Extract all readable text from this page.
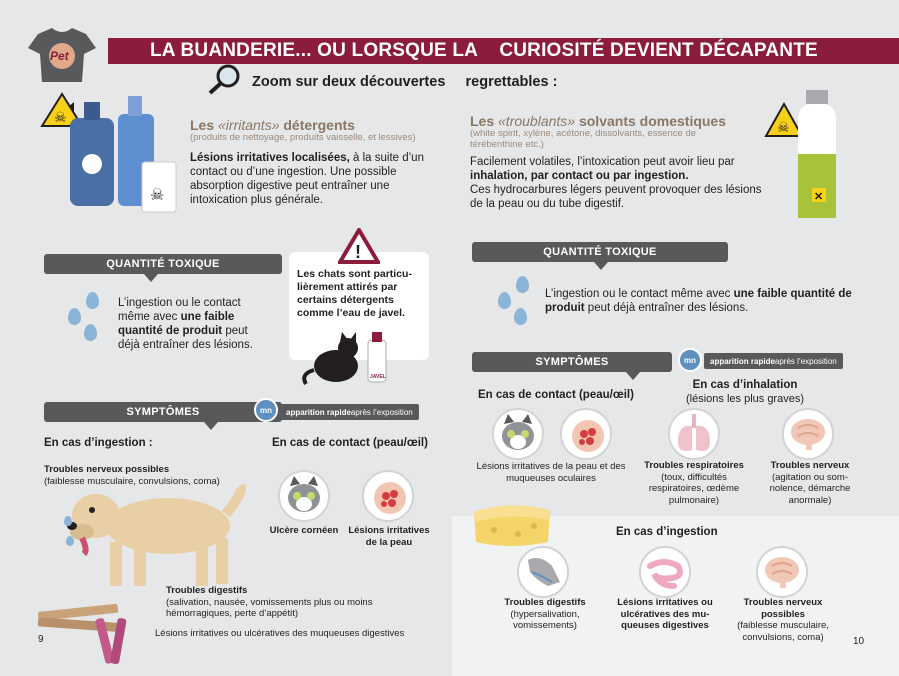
LA BUANDERIE... OU LORSQUE LA    CURIOSITÉ DEVIENT DÉCAPANTE
Pet
Zoom sur deux découvertes     regrettables :
☠
☠
Les «irritants» détergents
(produits de nettoyage, produits vaisselle, et lessives)
Lésions irritatives localisées, à la suite d’un contact ou d’une ingestion. Une possible absorption digestive peut entraîner une intoxication plus générale.
QUANTITÉ TOXIQUE
L’ingestion ou le contact même avec une faible quantité de produit peut déjà entraîner des lésions.
!
Les chats sont particu-lièrement attirés par certains détergents comme l’eau de javel.
JAVEL
SYMPTÔMES	mn	apparition rapide après l’exposition
En cas d’ingestion :	En cas de contact (peau/œil)
Troubles nerveux possibles
(faiblesse musculaire, convulsions, coma)
Ulcère cornéen	Lésions irritatives de la peau
Troubles digestifs
(salivation, nausée, vomissements plus ou moins hémorragiques, perte d’appétit)
Lésions irritatives ou ulcératives des muqueuses digestives
9
Les «troublants» solvants domestiques
(white spirit, xylène, acétone, dissolvants, essence de térébenthine etc.)
Facilement volatiles, l’intoxication peut avoir lieu par inhalation, par contact ou par ingestion.
Ces hydrocarbures légers peuvent provoquer des lésions de la peau ou du tube digestif.
☠
✕
QUANTITÉ TOXIQUE
L’ingestion ou le contact même avec une faible quantité de produit peut déjà entraîner des lésions.
SYMPTÔMES	mn	apparition rapide après l’exposition
En cas de contact (peau/œil)
En cas d’inhalation
(lésions les plus graves)
Lésions irritatives de la peau et des muqueuses oculaires
Troubles respiratoires
(toux, difficultés respiratoires, œdème pulmonaire)
Troubles nerveux
(agitation ou som-nolence, démarche anormale)
En cas d’ingestion
Troubles digestifs
(hypersalivation, vomissements)
Lésions irritatives ou ulcératives des mu-queuses digestives
Troubles nerveux possibles
(faiblesse musculaire, convulsions, coma)	10
